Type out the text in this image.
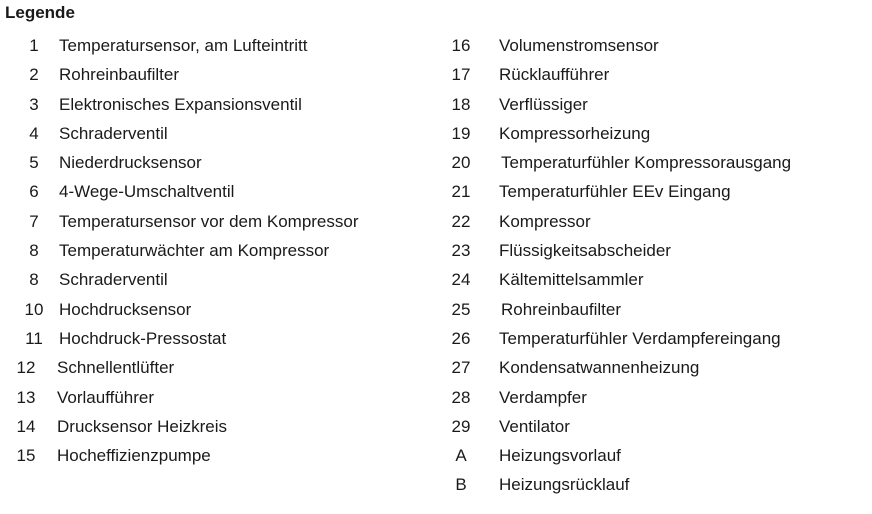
Legende
1	Temperatursensor, am Lufteintritt
2	Rohreinbaufilter
3	Elektronisches Expansionsventil
4	Schraderventil
5	Niederdrucksensor
6	4-Wege-Umschaltventil
7	Temperatursensor vor dem Kompressor
8	Temperaturwächter am Kompressor
8	Schraderventil
10 Hochdrucksensor
11 Hochdruck-Pressostat
12	Schnellentlüfter
13	Vorlaufführer
14	Drucksensor Heizkreis
15	Hocheffizienzpumpe
16	Volumenstromsensor
17	Rücklaufführer
18	Verflüssiger
19	Kompressorheizung
20	Temperaturfühler Kompressorausgang
21	Temperaturfühler EEv Eingang
22	Kompressor
23	Flüssigkeitsabscheider
24	Kältemittelsammler
25	Rohreinbaufilter
26	Temperaturfühler Verdampfereingang
27	Kondensatwannenheizung
28	Verdampfer
29	Ventilator
A	Heizungsvorlauf
B	Heizungsrücklauf
